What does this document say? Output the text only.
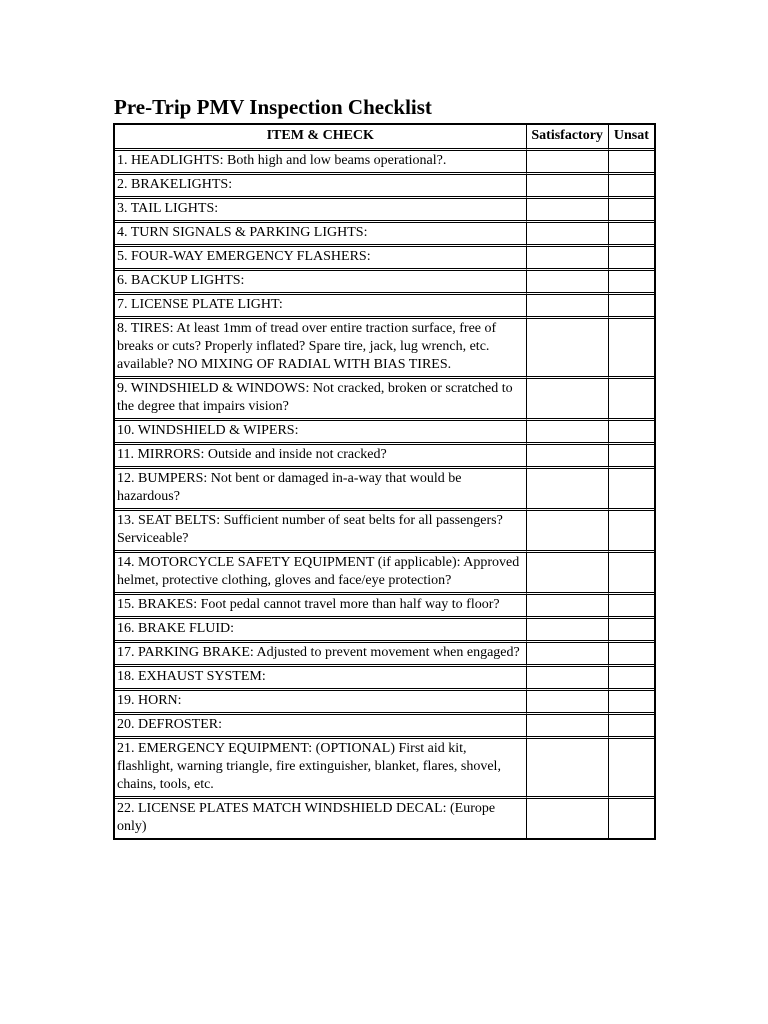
Pre-Trip PMV Inspection Checklist
ITEM & CHECK	Satisfactory	Unsat
1. HEADLIGHTS: Both high and low beams operational?.		
2. BRAKELIGHTS:		
3. TAIL LIGHTS:		
4. TURN SIGNALS & PARKING LIGHTS:		
5. FOUR-WAY EMERGENCY FLASHERS:		
6. BACKUP LIGHTS:		
7. LICENSE PLATE LIGHT:		
8. TIRES: At least 1mm of tread over entire traction surface, free of breaks or cuts? Properly inflated? Spare tire, jack, lug wrench, etc. available? NO MIXING OF RADIAL WITH BIAS TIRES.		
9. WINDSHIELD & WINDOWS: Not cracked, broken or scratched to the degree that impairs vision?		
10. WINDSHIELD & WIPERS:		
11. MIRRORS: Outside and inside not cracked?		
12. BUMPERS: Not bent or damaged in-a-way that would be hazardous?		
13. SEAT BELTS: Sufficient number of seat belts for all passengers? Serviceable?		
14. MOTORCYCLE SAFETY EQUIPMENT (if applicable): Approved helmet, protective clothing, gloves and face/eye protection?		
15. BRAKES: Foot pedal cannot travel more than half way to floor?		
16. BRAKE FLUID:		
17. PARKING BRAKE: Adjusted to prevent movement when engaged?		
18. EXHAUST SYSTEM:		
19. HORN:		
20. DEFROSTER:		
21. EMERGENCY EQUIPMENT: (OPTIONAL) First aid kit, flashlight, warning triangle, fire extinguisher, blanket, flares, shovel, chains, tools, etc.		
22. LICENSE PLATES MATCH WINDSHIELD DECAL: (Europe only)		
